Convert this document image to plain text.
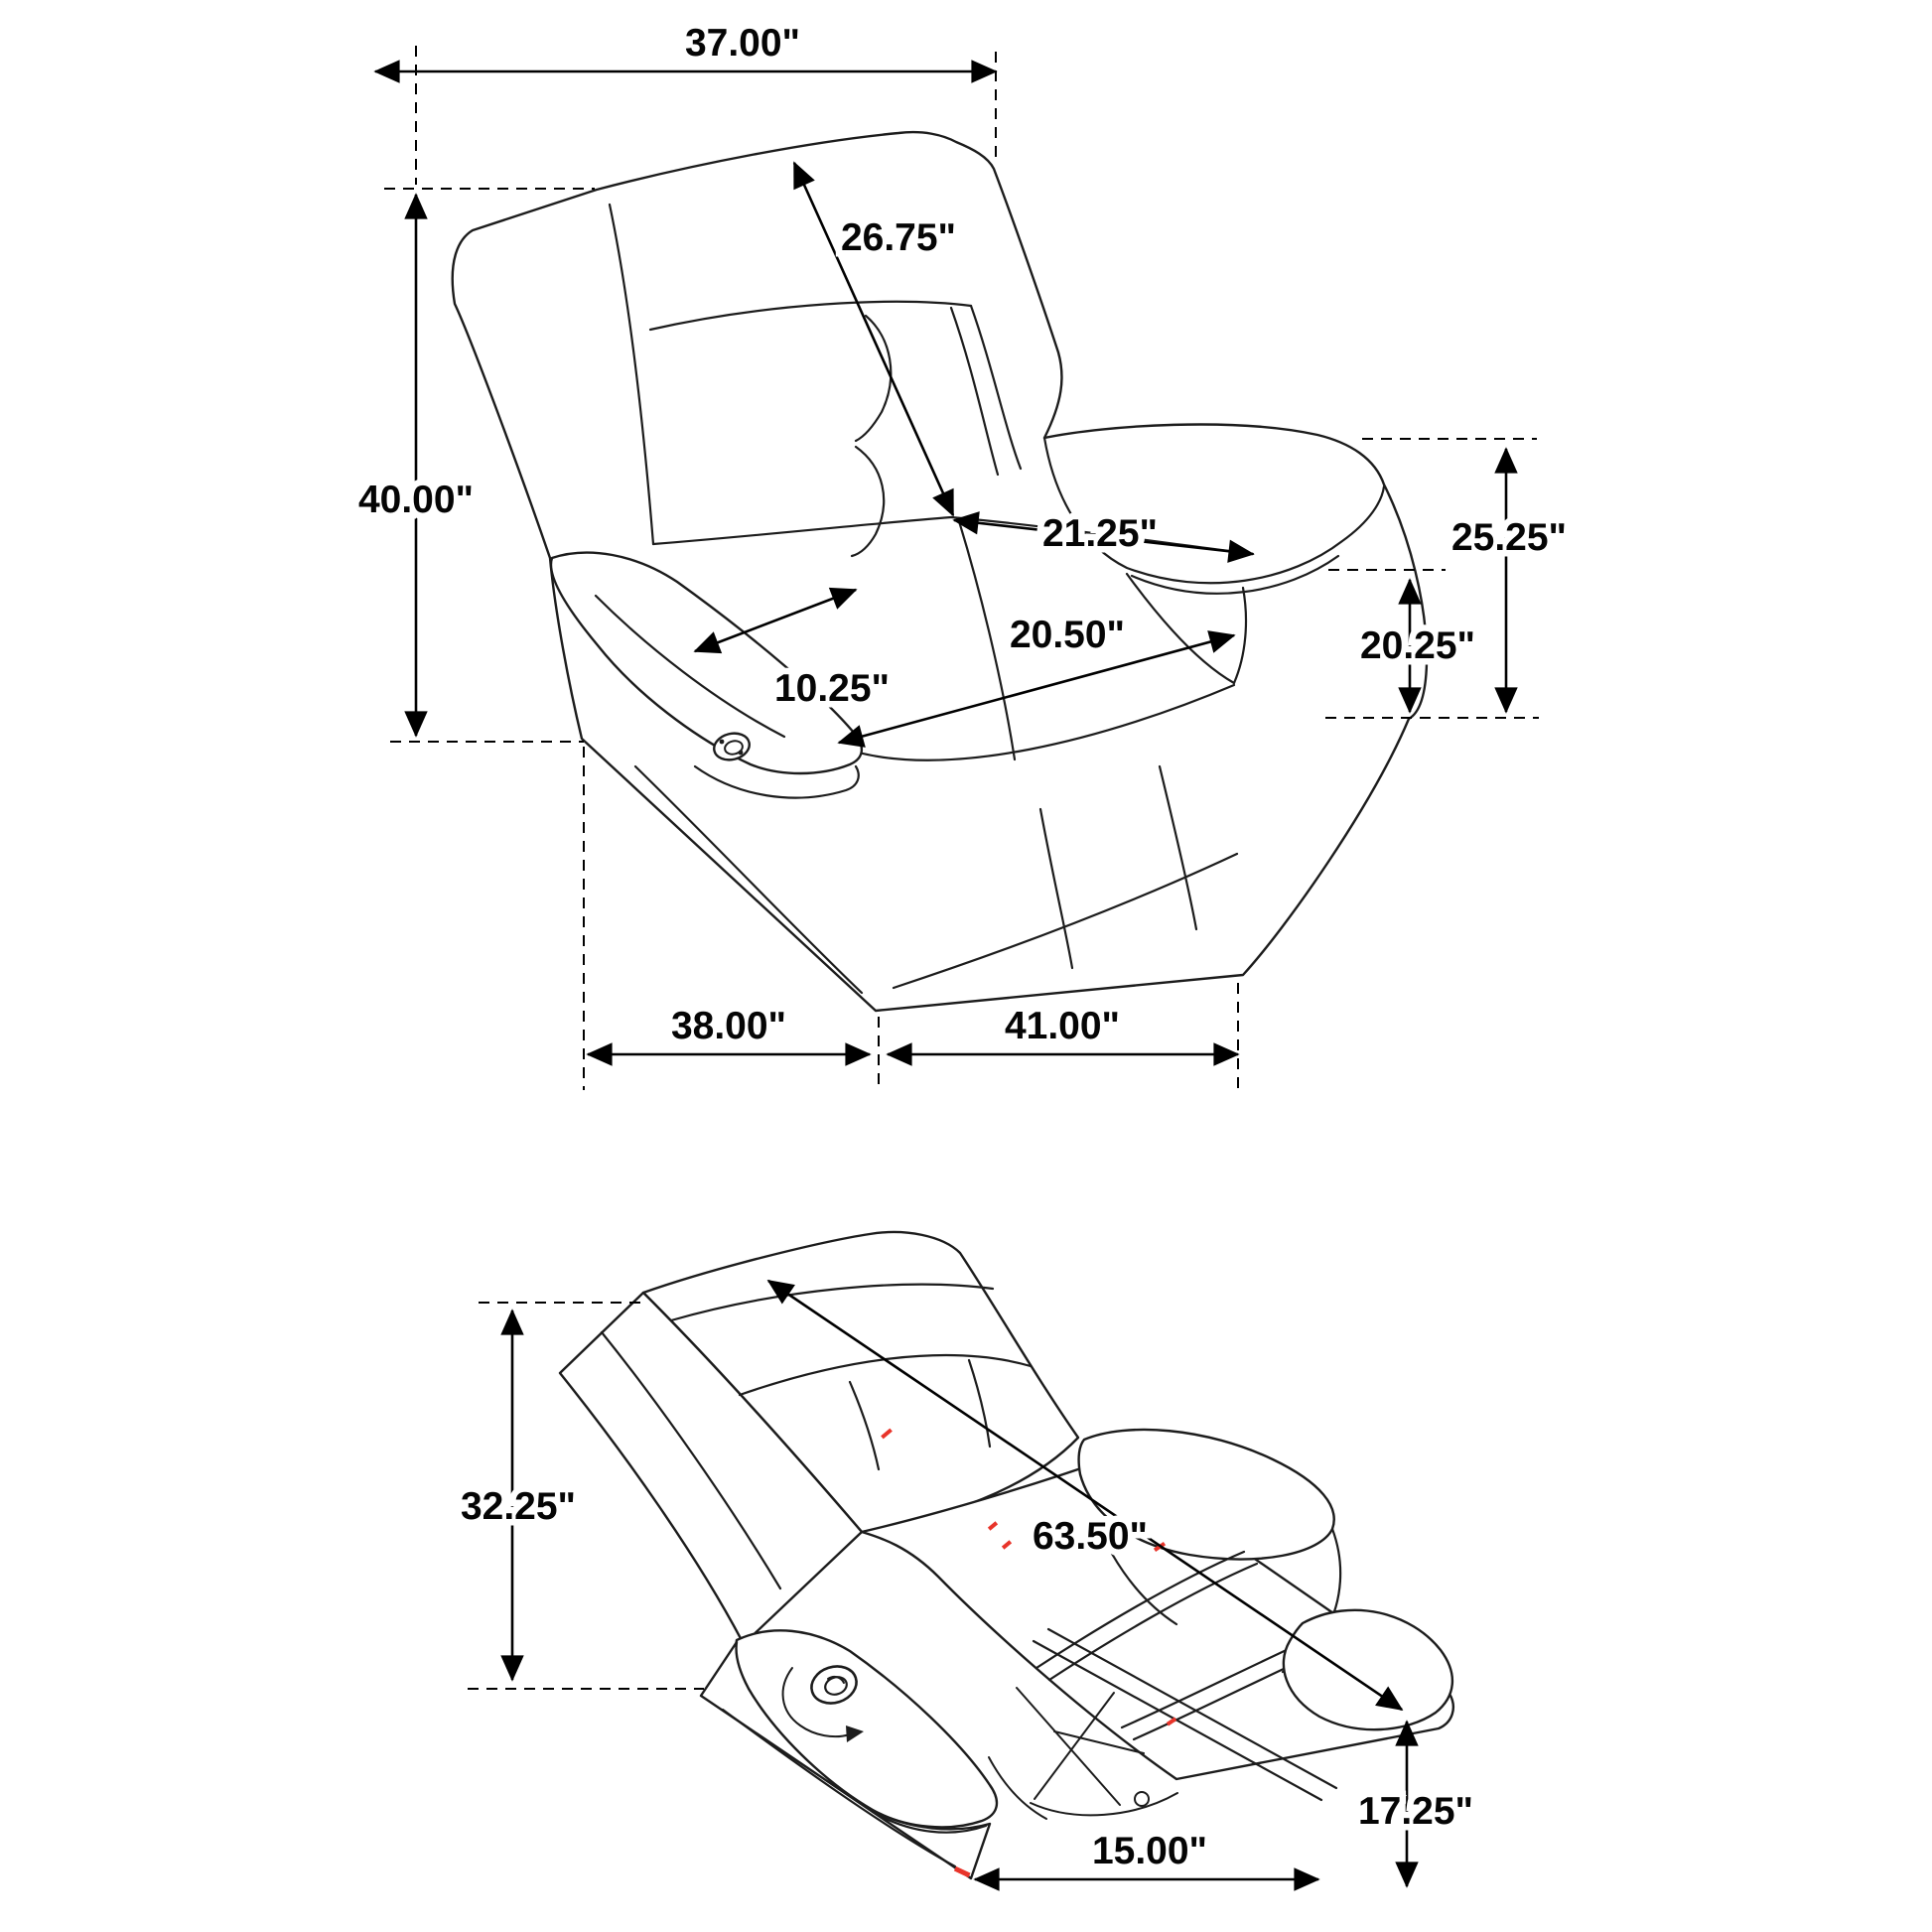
37.00"
40.00"
26.75"
21.25"
20.50"
10.25"
25.25"
20.25"
38.00"	41.00"
32.25"
63.50"
17.25"
15.00"
